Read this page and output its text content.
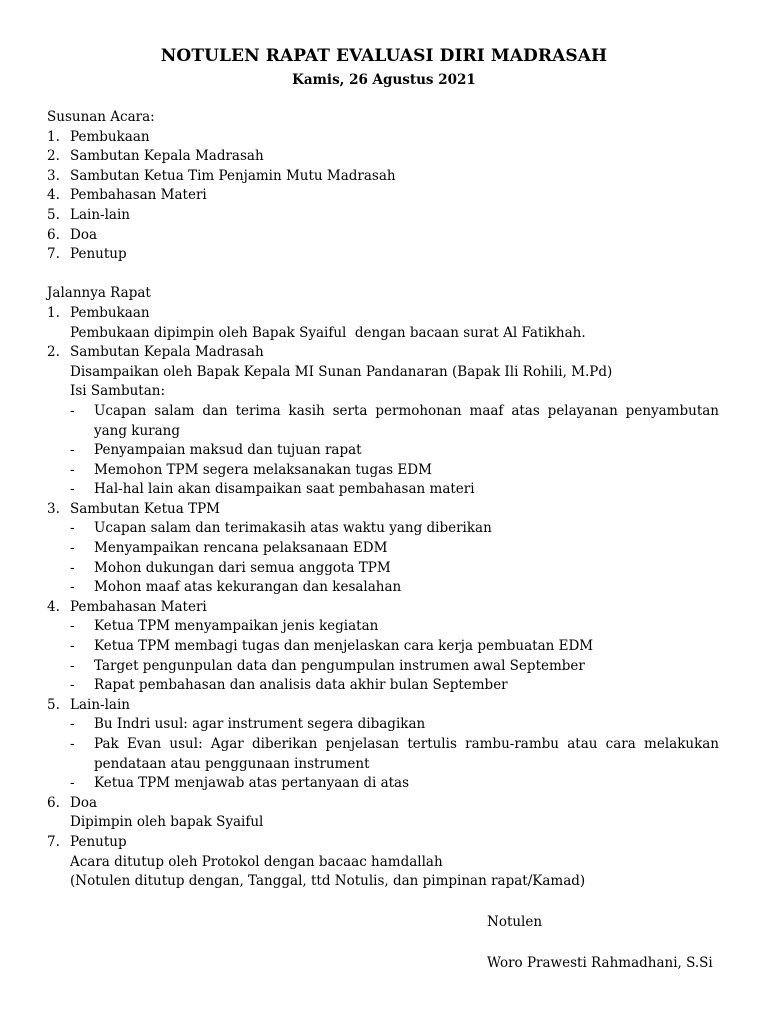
NOTULEN RAPAT EVALUASI DIRI MADRASAH
Kamis, 26 Agustus 2021
Susunan Acara:
1. Pembukaan
2. Sambutan Kepala Madrasah
3. Sambutan Ketua Tim Penjamin Mutu Madrasah
4. Pembahasan Materi
5. Lain-lain
6. Doa
7. Penutup
Jalannya Rapat
1. Pembukaan
Pembukaan dipimpin oleh Bapak Syaiful  dengan bacaan surat Al Fatikhah.
2. Sambutan Kepala Madrasah
Disampaikan oleh Bapak Kepala MI Sunan Pandanaran (Bapak Ili Rohili, M.Pd)
Isi Sambutan:
-	Ucapan salam dan terima kasih serta permohonan maaf atas pelayanan penyambutan yang kurang
-	Penyampaian maksud dan tujuan rapat
-	Memohon TPM segera melaksanakan tugas EDM
-	Hal-hal lain akan disampaikan saat pembahasan materi
3. Sambutan Ketua TPM
-	Ucapan salam dan terimakasih atas waktu yang diberikan
-	Menyampaikan rencana pelaksanaan EDM
-	Mohon dukungan dari semua anggota TPM
-	Mohon maaf atas kekurangan dan kesalahan
4. Pembahasan Materi
-	Ketua TPM menyampaikan jenis kegiatan
-	Ketua TPM membagi tugas dan menjelaskan cara kerja pembuatan EDM
-	Target pengunpulan data dan pengumpulan instrumen awal September
-	Rapat pembahasan dan analisis data akhir bulan September
5. Lain-lain
-	Bu Indri usul: agar instrument segera dibagikan
-	Pak Evan usul: Agar diberikan penjelasan tertulis rambu-rambu atau cara melakukan pendataan atau penggunaan instrument
-	Ketua TPM menjawab atas pertanyaan di atas
6. Doa
Dipimpin oleh bapak Syaiful
7. Penutup
Acara ditutup oleh Protokol dengan bacaac hamdallah
(Notulen ditutup dengan, Tanggal, ttd Notulis, dan pimpinan rapat/Kamad)
Notulen
Woro Prawesti Rahmadhani, S.Si
